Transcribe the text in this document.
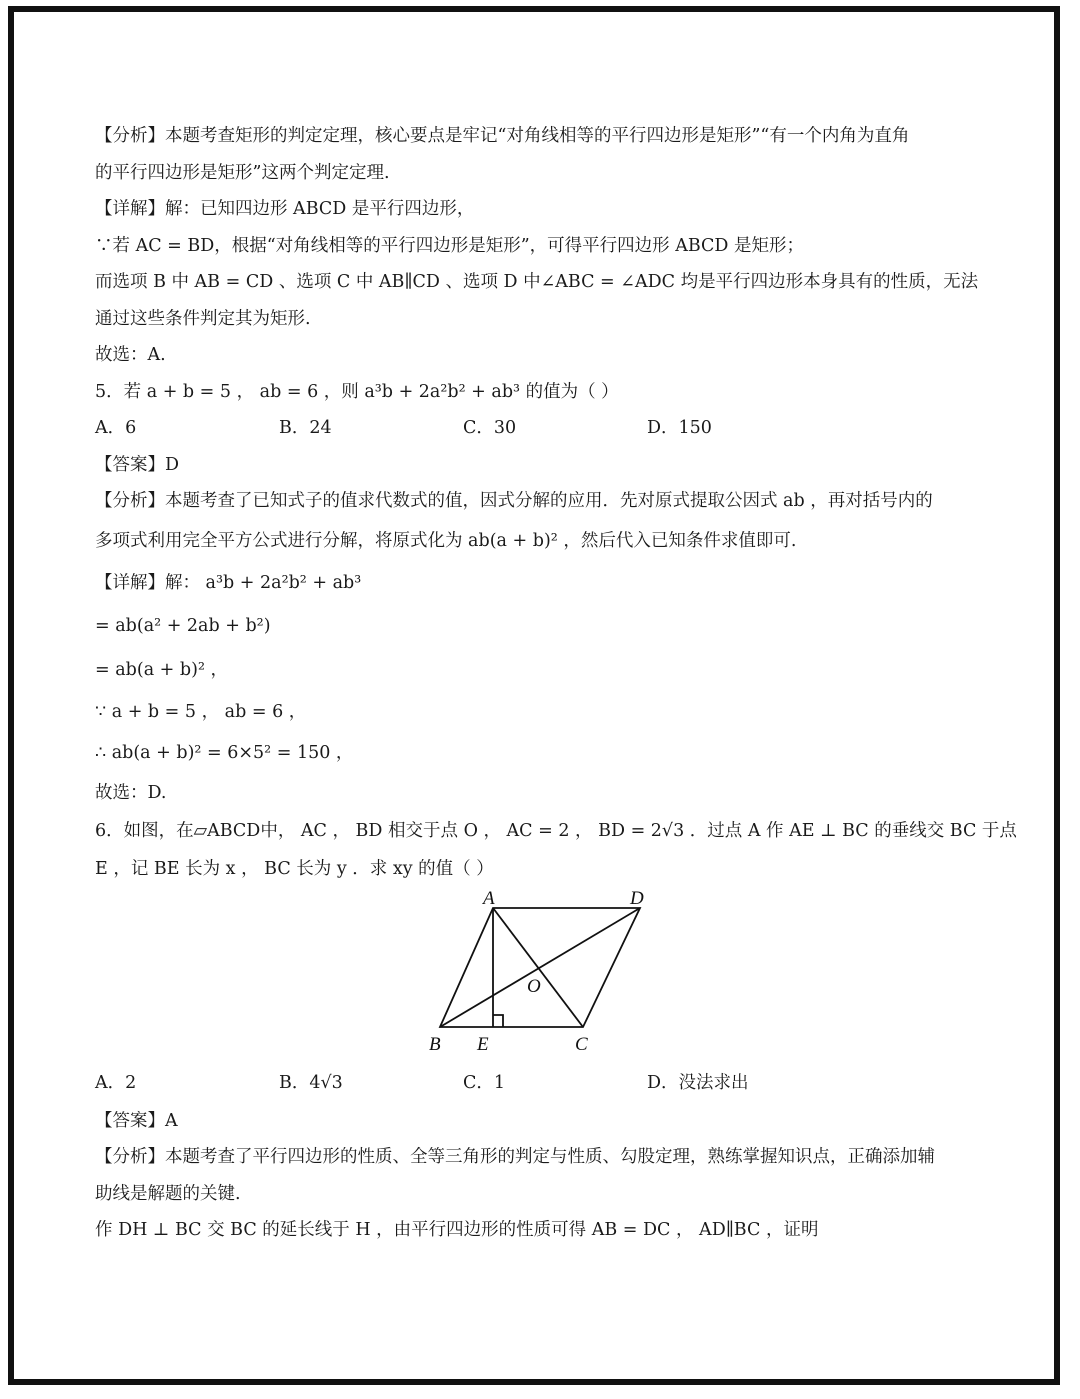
【分析】本题考查矩形的判定定理，核心要点是牢记“对角线相等的平行四边形是矩形”“有一个内角为直角
的平行四边形是矩形”这两个判定定理.
【详解】解：已知四边形 ABCD 是平行四边形，
∵若 AC = BD，根据“对角线相等的平行四边形是矩形”，可得平行四边形 ABCD 是矩形；
而选项 B 中 AB = CD 、选项 C 中 AB∥CD 、选项 D 中∠ABC = ∠ADC 均是平行四边形本身具有的性质，无法
通过这些条件判定其为矩形.
故选：A.
5．若 a + b = 5 ， ab = 6 ，则 a³b + 2a²b² + ab³ 的值为（ ）
A．6	B．24	C．30	D．150
【答案】D
【分析】本题考查了已知式子的值求代数式的值，因式分解的应用．先对原式提取公因式 ab ，再对括号内的
多项式利用完全平方公式进行分解，将原式化为 ab(a + b)² ，然后代入已知条件求值即可.
【详解】解： a³b + 2a²b² + ab³
= ab(a² + 2ab + b²)
= ab(a + b)² ，
∵ a + b = 5 ， ab = 6 ，
∴ ab(a + b)² = 6×5² = 150 ，
故选：D.
6．如图，在▱ABCD中， AC ， BD 相交于点 O ， AC = 2 ， BD = 2√3 ．过点 A 作 AE ⊥ BC 的垂线交 BC 于点
E ，记 BE 长为 x ， BC 长为 y ．求 xy 的值（ ）
A	D
O
B E	C
A．2	B．4√3	C．1	D．没法求出
【答案】A
【分析】本题考查了平行四边形的性质、全等三角形的判定与性质、勾股定理，熟练掌握知识点，正确添加辅
助线是解题的关键.
作 DH ⊥ BC 交 BC 的延长线于 H ，由平行四边形的性质可得 AB = DC ， AD∥BC ，证明
